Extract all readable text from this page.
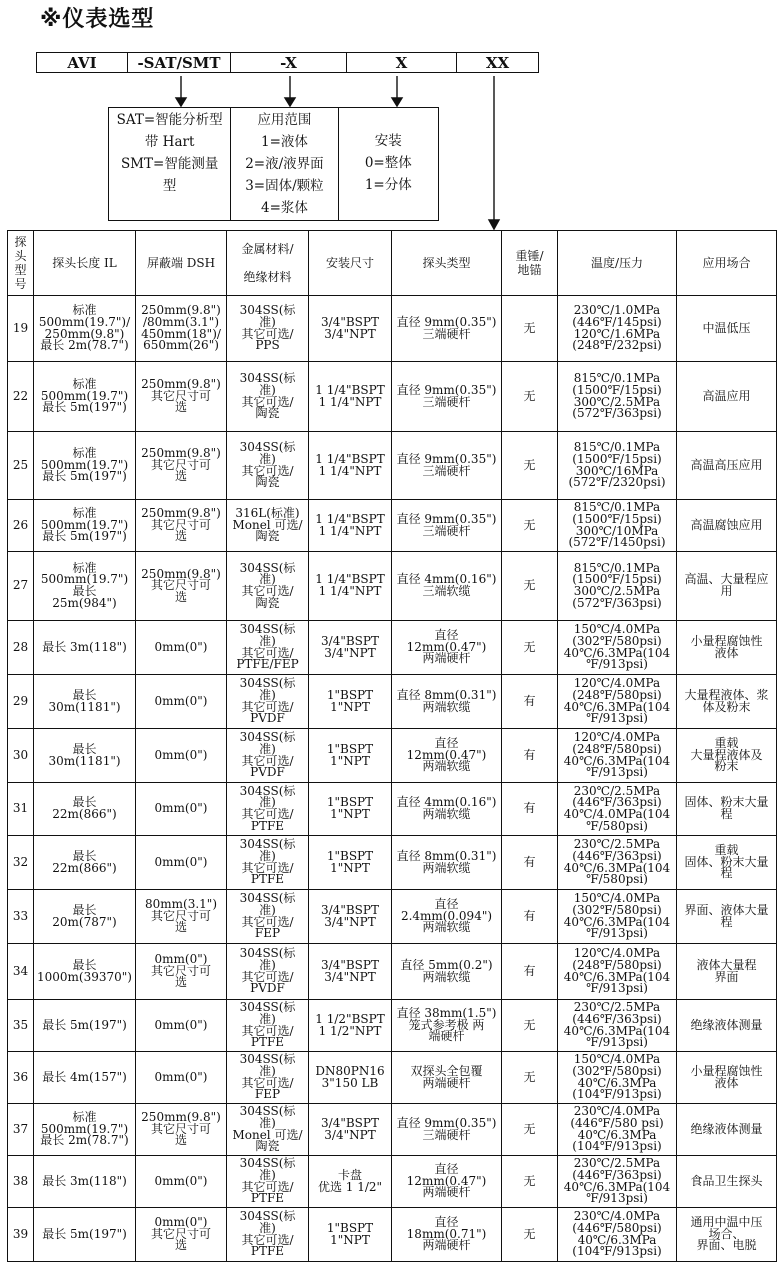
※仪表选型
AVI	-SAT/SMT	-X	X	XX
SAT=智能分析型
带 Hart
SMT=智能测量
型
应用范围
1=液体
2=液/液界面
3=固体/颗粒
4=浆体
安装
0=整体
1=分体
探
头
型
号	探头长度 IL	屏蔽端 DSH	金属材料/

绝缘材料	安装尺寸	探头类型	重锤/
地锚	温度/压力	应用场合

19	标准
500mm(19.7")/
250mm(9.8")
最长 2m(78.7")	250mm(9.8")
/80mm(3.1")
450mm(18")/
650mm(26")	304SS(标
准)
其它可选/
PPS	3/4"BSPT
3/4"NPT	直径 9mm(0.35")
三端硬杆	无	230℃/1.0MPa
(446℉/145psi)
120℃/1.6MPa
(248℉/232psi)	中温低压

22	标准
500mm(19.7")
最长 5m(197")	250mm(9.8")
其它尺寸可
选	304SS(标
准)
其它可选/
陶瓷	1 1/4"BSPT
1 1/4"NPT	直径 9mm(0.35")
三端硬杆	无	815℃/0.1MPa
(1500℉/15psi)
300℃/2.5MPa
(572℉/363psi)	高温应用

25	标准
500mm(19.7")
最长 5m(197")	250mm(9.8")
其它尺寸可
选	304SS(标
准)
其它可选/
陶瓷	1 1/4"BSPT
1 1/4"NPT	直径 9mm(0.35")
三端硬杆	无	815℃/0.1MPa
(1500℉/15psi)
300℃/16MPa
(572℉/2320psi)	高温高压应用

26	标准
500mm(19.7")
最长 5m(197")	250mm(9.8")
其它尺寸可
选	316L(标准)
Monel 可选/
陶瓷	1 1/4"BSPT
1 1/4"NPT	直径 9mm(0.35")
三端硬杆	无	815℃/0.1MPa
(1500℉/15psi)
300℃/10MPa
(572℉/1450psi)	高温腐蚀应用

27	标准
500mm(19.7")
最长
25m(984")	250mm(9.8")
其它尺寸可
选	304SS(标
准)
其它可选/
陶瓷	1 1/4"BSPT
1 1/4"NPT	直径 4mm(0.16")
三端软缆	无	815℃/0.1MPa
(1500℉/15psi)
300℃/2.5MPa
(572℉/363psi)	高温、大量程应
用

28	最长 3m(118")	0mm(0")	304SS(标
准)
其它可选/
PTFE/FEP	3/4"BSPT
3/4"NPT	直径
12mm(0.47")
两端硬杆	无	150℃/4.0MPa
(302℉/580psi)
40℃/6.3MPa(104
℉/913psi)	小量程腐蚀性
液体

29	最长
30m(1181")	0mm(0")	304SS(标
准)
其它可选/
PVDF	1"BSPT
1"NPT	直径 8mm(0.31")
两端软缆	有	120℃/4.0MPa
(248℉/580psi)
40℃/6.3MPa(104
℉/913psi)	大量程液体、浆
体及粉末

30	最长
30m(1181")	0mm(0")	304SS(标
准)
其它可选/
PVDF	1"BSPT
1"NPT	直径
12mm(0.47")
两端软缆	有	120℃/4.0MPa
(248℉/580psi)
40℃/6.3MPa(104
℉/913psi)	重载
大量程液体及
粉末

31	最长
22m(866")	0mm(0")	304SS(标
准)
其它可选/
PTFE	1"BSPT
1"NPT	直径 4mm(0.16")
两端软缆	有	230℃/2.5MPa
(446℉/363psi)
40℃/4.0MPa(104
℉/580psi)	固体、粉末大量
程

32	最长
22m(866")	0mm(0")	304SS(标
准)
其它可选/
PTFE	1"BSPT
1"NPT	直径 8mm(0.31")
两端软缆	有	230℃/2.5MPa
(446℉/363psi)
40℃/6.3MPa(104
℉/580psi)	重载
固体、粉末大量
程

33	最长
20m(787")	80mm(3.1")
其它尺寸可
选	304SS(标
准)
其它可选/
FEP	3/4"BSPT
3/4"NPT	直径
2.4mm(0.094")
两端软缆	有	150℃/4.0MPa
(302℉/580psi)
40℃/6.3MPa(104
℉/913psi)	界面、液体大量
程

34	最长
1000m(39370")	0mm(0")
其它尺寸可
选	304SS(标
准)
其它可选/
PVDF	3/4"BSPT
3/4"NPT	直径 5mm(0.2")
两端软缆	有	120℃/4.0MPa
(248℉/580psi)
40℃/6.3MPa(104
℉/913psi)	液体大量程
界面

35	最长 5m(197")	0mm(0")	304SS(标
准)
其它可选/
PTFE	1 1/2"BSPT
1 1/2"NPT	直径 38mm(1.5")
笼式参考极 两
端硬杆	无	230℃/2.5MPa
(446℉/363psi)
40℃/6.3MPa(104
℉/913psi)	绝缘液体测量

36	最长 4m(157")	0mm(0")	304SS(标
准)
其它可选/
FEP	DN80PN16
3"150 LB	双探头全包覆
两端硬杆	无	150℃/4.0MPa
(302℉/580psi)
40℃/6.3MPa
(104℉/913psi)	小量程腐蚀性
液体

37	标准
500mm(19.7")
最长 2m(78.7")	250mm(9.8")
其它尺寸可
选	304SS(标
准)
Monel 可选/
陶瓷	3/4"BSPT
3/4"NPT	直径 9mm(0.35")
三端硬杆	无	230℃/4.0MPa
(446℉/580 psi)
40℃/6.3MPa
(104℉/913psi)	绝缘液体测量

38	最长 3m(118")	0mm(0")	304SS(标
准)
其它可选/
PTFE	卡盘
优选 1 1/2"	直径
12mm(0.47")
两端硬杆	无	230℃/2.5MPa
(446℉/363psi)
40℃/6.3MPa(104
℉/913psi)	食品卫生探头

39	最长 5m(197")	0mm(0")
其它尺寸可
选	304SS(标
准)
其它可选/
PTFE	1"BSPT
1"NPT	直径
18mm(0.71")
两端硬杆	无	230℃/4.0MPa
(446℉/580psi)
40℃/6.3MPa
(104℉/913psi)	通用中温中压
场合、
界面、电脱
